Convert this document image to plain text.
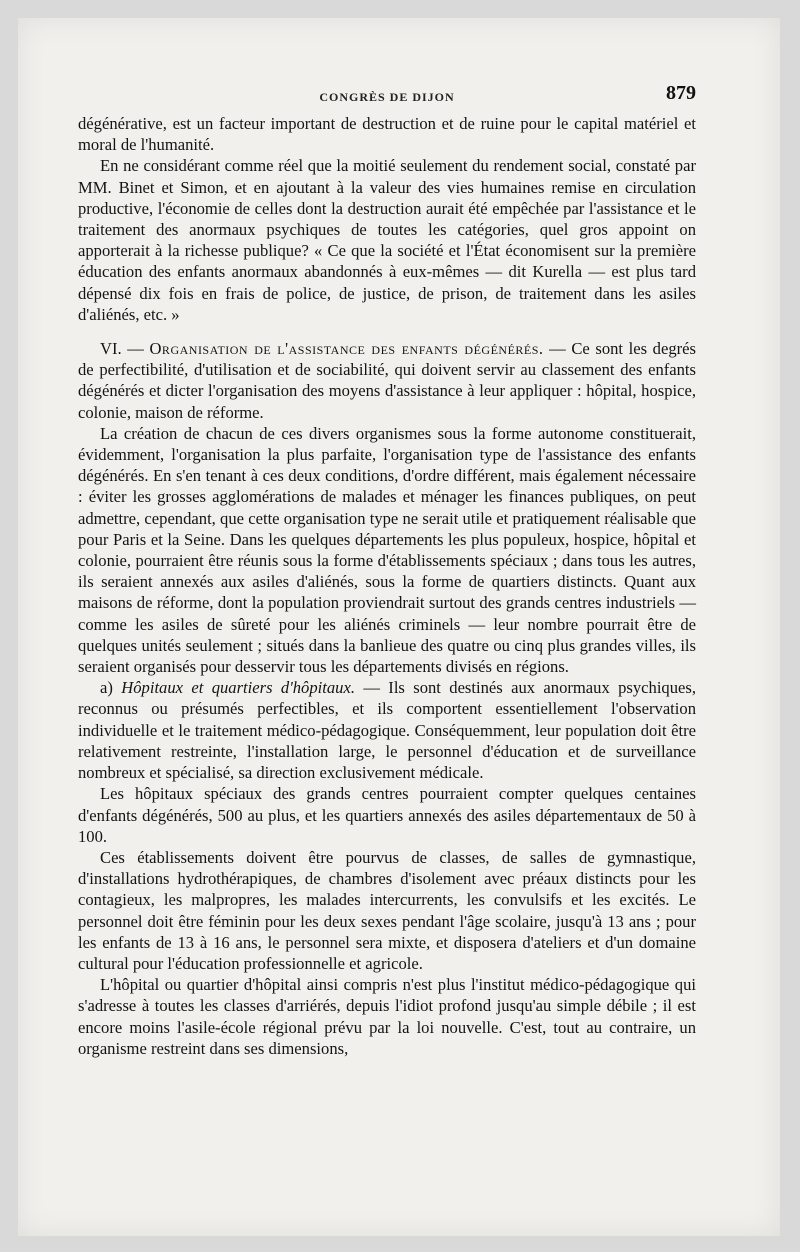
CONGRÈS DE DIJON	879

dégénérative, est un facteur important de destruction et de ruine pour le capital matériel et moral de l'humanité.

En ne considérant comme réel que la moitié seulement du rendement social, constaté par MM. Binet et Simon, et en ajoutant à la valeur des vies humaines remise en circulation productive, l'économie de celles dont la destruction aurait été empêchée par l'assistance et le traitement des anormaux psychiques de toutes les catégories, quel gros appoint on apporterait à la richesse publique? « Ce que la société et l'État économisent sur la première éducation des enfants anormaux abandonnés à eux-mêmes — dit Kurella — est plus tard dépensé dix fois en frais de police, de justice, de prison, de traitement dans les asiles d'aliénés, etc. »

VI. — Organisation de l'assistance des enfants dégénérés. — Ce sont les degrés de perfectibilité, d'utilisation et de sociabilité, qui doivent servir au classement des enfants dégénérés et dicter l'organisation des moyens d'assistance à leur appliquer : hôpital, hospice, colonie, maison de réforme.

La création de chacun de ces divers organismes sous la forme autonome constituerait, évidemment, l'organisation la plus parfaite, l'organisation type de l'assistance des enfants dégénérés. En s'en tenant à ces deux conditions, d'ordre différent, mais également nécessaire : éviter les grosses agglomérations de malades et ménager les finances publiques, on peut admettre, cependant, que cette organisation type ne serait utile et pratiquement réalisable que pour Paris et la Seine. Dans les quelques départements les plus populeux, hospice, hôpital et colonie, pourraient être réunis sous la forme d'établissements spéciaux ; dans tous les autres, ils seraient annexés aux asiles d'aliénés, sous la forme de quartiers distincts. Quant aux maisons de réforme, dont la population proviendrait surtout des grands centres industriels — comme les asiles de sûreté pour les aliénés criminels — leur nombre pourrait être de quelques unités seulement ; situés dans la banlieue des quatre ou cinq plus grandes villes, ils seraient organisés pour desservir tous les départements divisés en régions.

a) Hôpitaux et quartiers d'hôpitaux. — Ils sont destinés aux anormaux psychiques, reconnus ou présumés perfectibles, et ils comportent essentiellement l'observation individuelle et le traitement médico-pédagogique. Conséquemment, leur population doit être relativement restreinte, l'installation large, le personnel d'éducation et de surveillance nombreux et spécialisé, sa direction exclusivement médicale.

Les hôpitaux spéciaux des grands centres pourraient compter quelques centaines d'enfants dégénérés, 500 au plus, et les quartiers annexés des asiles départementaux de 50 à 100.

Ces établissements doivent être pourvus de classes, de salles de gymnastique, d'installations hydrothérapiques, de chambres d'isolement avec préaux distincts pour les contagieux, les malpropres, les malades intercurrents, les convulsifs et les excités. Le personnel doit être féminin pour les deux sexes pendant l'âge scolaire, jusqu'à 13 ans ; pour les enfants de 13 à 16 ans, le personnel sera mixte, et disposera d'ateliers et d'un domaine cultural pour l'éducation professionnelle et agricole.

L'hôpital ou quartier d'hôpital ainsi compris n'est plus l'institut médico-pédagogique qui s'adresse à toutes les classes d'arriérés, depuis l'idiot profond jusqu'au simple débile ; il est encore moins l'asile-école régional prévu par la loi nouvelle. C'est, tout au contraire, un organisme restreint dans ses dimensions,
